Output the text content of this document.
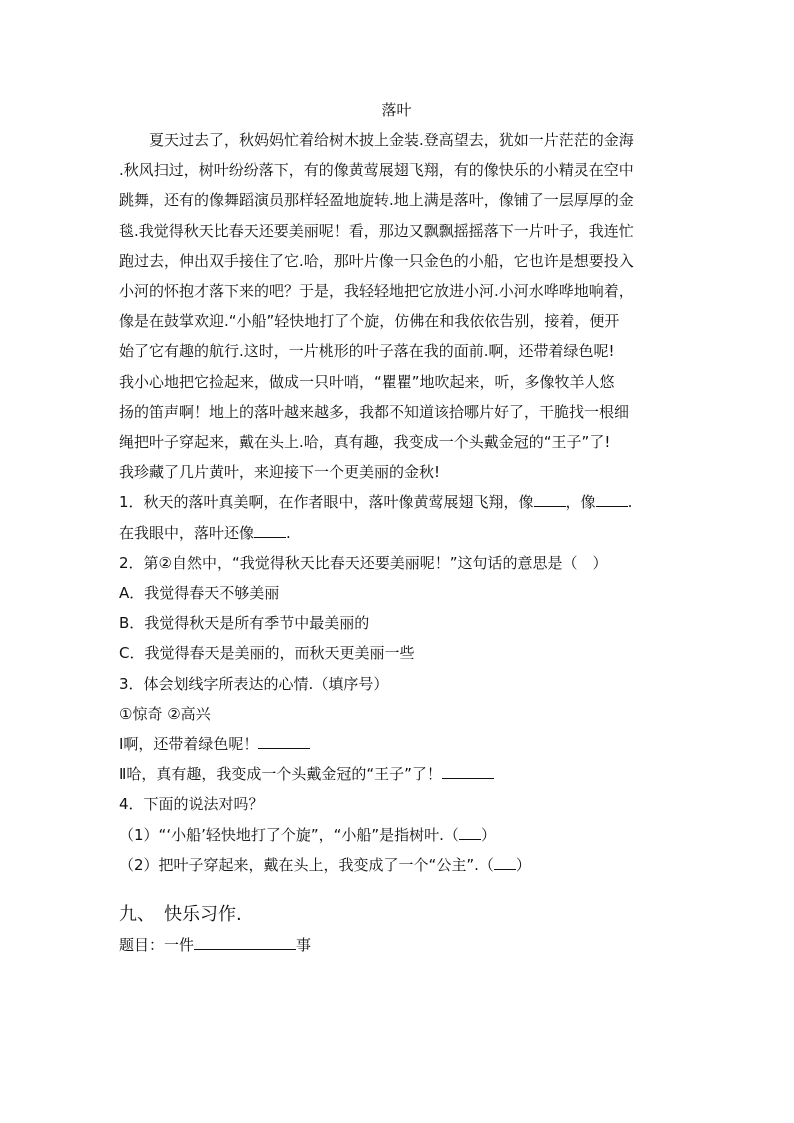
落叶

夏天过去了，秋妈妈忙着给树木披上金装.登高望去，犹如一片茫茫的金海

.秋风扫过，树叶纷纷落下，有的像黄莺展翅飞翔，有的像快乐的小精灵在空中

跳舞，还有的像舞蹈演员那样轻盈地旋转.地上满是落叶，像铺了一层厚厚的金

毯.我觉得秋天比春天还要美丽呢！看，那边又飘飘摇摇落下一片叶子，我连忙

跑过去，伸出双手接住了它.哈，那叶片像一只金色的小船，它也许是想要投入

小河的怀抱才落下来的吧？于是，我轻轻地把它放进小河.小河水哗哗地响着，

像是在鼓掌欢迎.“小船”轻快地打了个旋，仿佛在和我依依告别，接着，便开

始了它有趣的航行.这时，一片桃形的叶子落在我的面前.啊，还带着绿色呢!

我小心地把它捡起来，做成一只叶哨，“瞿瞿”地吹起来，听，多像牧羊人悠

扬的笛声啊！地上的落叶越来越多，我都不知道该拾哪片好了，干脆找一根细

绳把叶子穿起来，戴在头上.哈，真有趣，我变成一个头戴金冠的“王子”了!

我珍藏了几片黄叶，来迎接下一个更美丽的金秋!

1．秋天的落叶真美啊，在作者眼中，落叶像黄莺展翅飞翔，像 ，像 .

在我眼中，落叶还像 .

2．第②自然中，“我觉得秋天比春天还要美丽呢！”这句话的意思是（　）

A．我觉得春天不够美丽

B．我觉得秋天是所有季节中最美丽的

C．我觉得春天是美丽的，而秋天更美丽一些

3．体会划线字所表达的心情.（填序号）

①惊奇 ②高兴

Ⅰ啊，还带着绿色呢！

Ⅱ哈，真有趣，我变成一个头戴金冠的“王子”了！

4．下面的说法对吗？

（1）“‘小船’轻快地打了个旋”，“小船”是指树叶.（ ）

（2）把叶子穿起来，戴在头上，我变成了一个“公主”.（ ）

九、　快乐习作.

题目：一件	事
